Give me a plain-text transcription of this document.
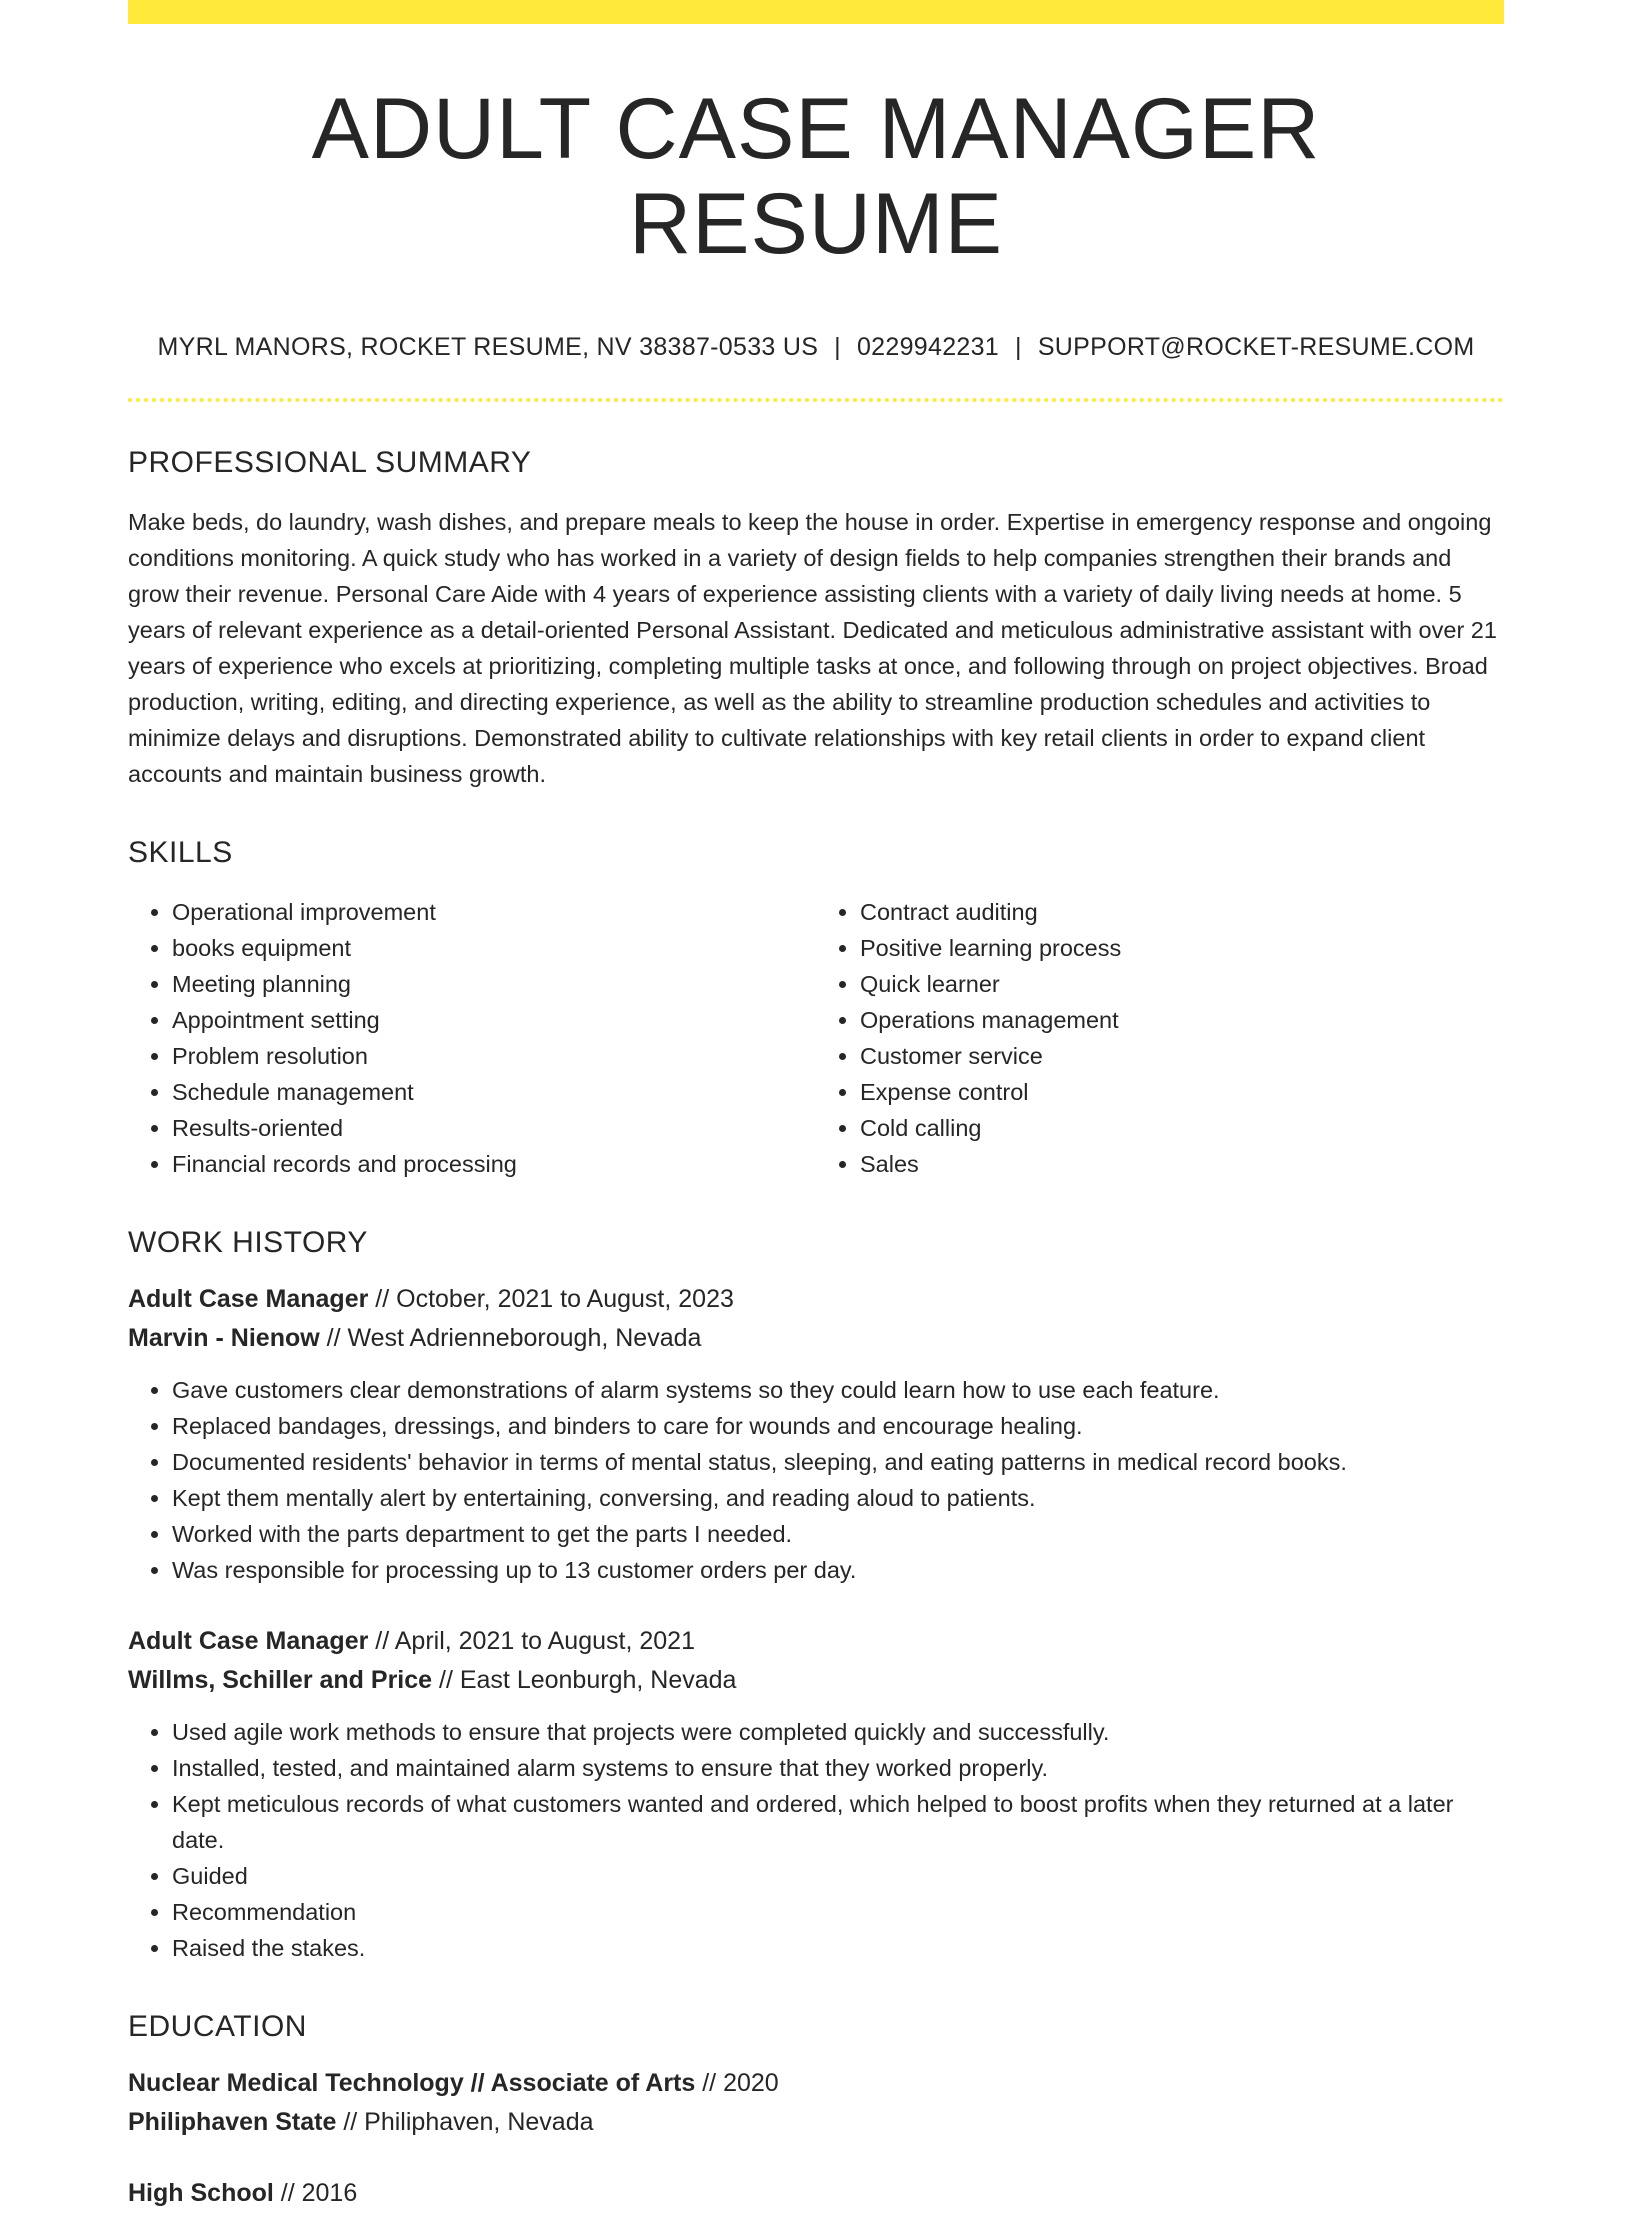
ADULT CASE MANAGER RESUME
MYRL MANORS, ROCKET RESUME, NV 38387-0533 US | 0229942231 | SUPPORT@ROCKET-RESUME.COM
PROFESSIONAL SUMMARY
Make beds, do laundry, wash dishes, and prepare meals to keep the house in order. Expertise in emergency response and ongoing conditions monitoring. A quick study who has worked in a variety of design fields to help companies strengthen their brands and grow their revenue. Personal Care Aide with 4 years of experience assisting clients with a variety of daily living needs at home. 5 years of relevant experience as a detail-oriented Personal Assistant. Dedicated and meticulous administrative assistant with over 21 years of experience who excels at prioritizing, completing multiple tasks at once, and following through on project objectives. Broad production, writing, editing, and directing experience, as well as the ability to streamline production schedules and activities to minimize delays and disruptions. Demonstrated ability to cultivate relationships with key retail clients in order to expand client accounts and maintain business growth.
SKILLS
• Operational improvement
• books equipment
• Meeting planning
• Appointment setting
• Problem resolution
• Schedule management
• Results-oriented
• Financial records and processing
• Contract auditing
• Positive learning process
• Quick learner
• Operations management
• Customer service
• Expense control
• Cold calling
• Sales
WORK HISTORY
Adult Case Manager // October, 2021 to August, 2023
Marvin - Nienow // West Adrienneborough, Nevada
• Gave customers clear demonstrations of alarm systems so they could learn how to use each feature.
• Replaced bandages, dressings, and binders to care for wounds and encourage healing.
• Documented residents' behavior in terms of mental status, sleeping, and eating patterns in medical record books.
• Kept them mentally alert by entertaining, conversing, and reading aloud to patients.
• Worked with the parts department to get the parts I needed.
• Was responsible for processing up to 13 customer orders per day.
Adult Case Manager // April, 2021 to August, 2021
Willms, Schiller and Price // East Leonburgh, Nevada
• Used agile work methods to ensure that projects were completed quickly and successfully.
• Installed, tested, and maintained alarm systems to ensure that they worked properly.
• Kept meticulous records of what customers wanted and ordered, which helped to boost profits when they returned at a later date.
• Guided
• Recommendation
• Raised the stakes.
EDUCATION
Nuclear Medical Technology // Associate of Arts // 2020
Philiphaven State // Philiphaven, Nevada
High School // 2016
